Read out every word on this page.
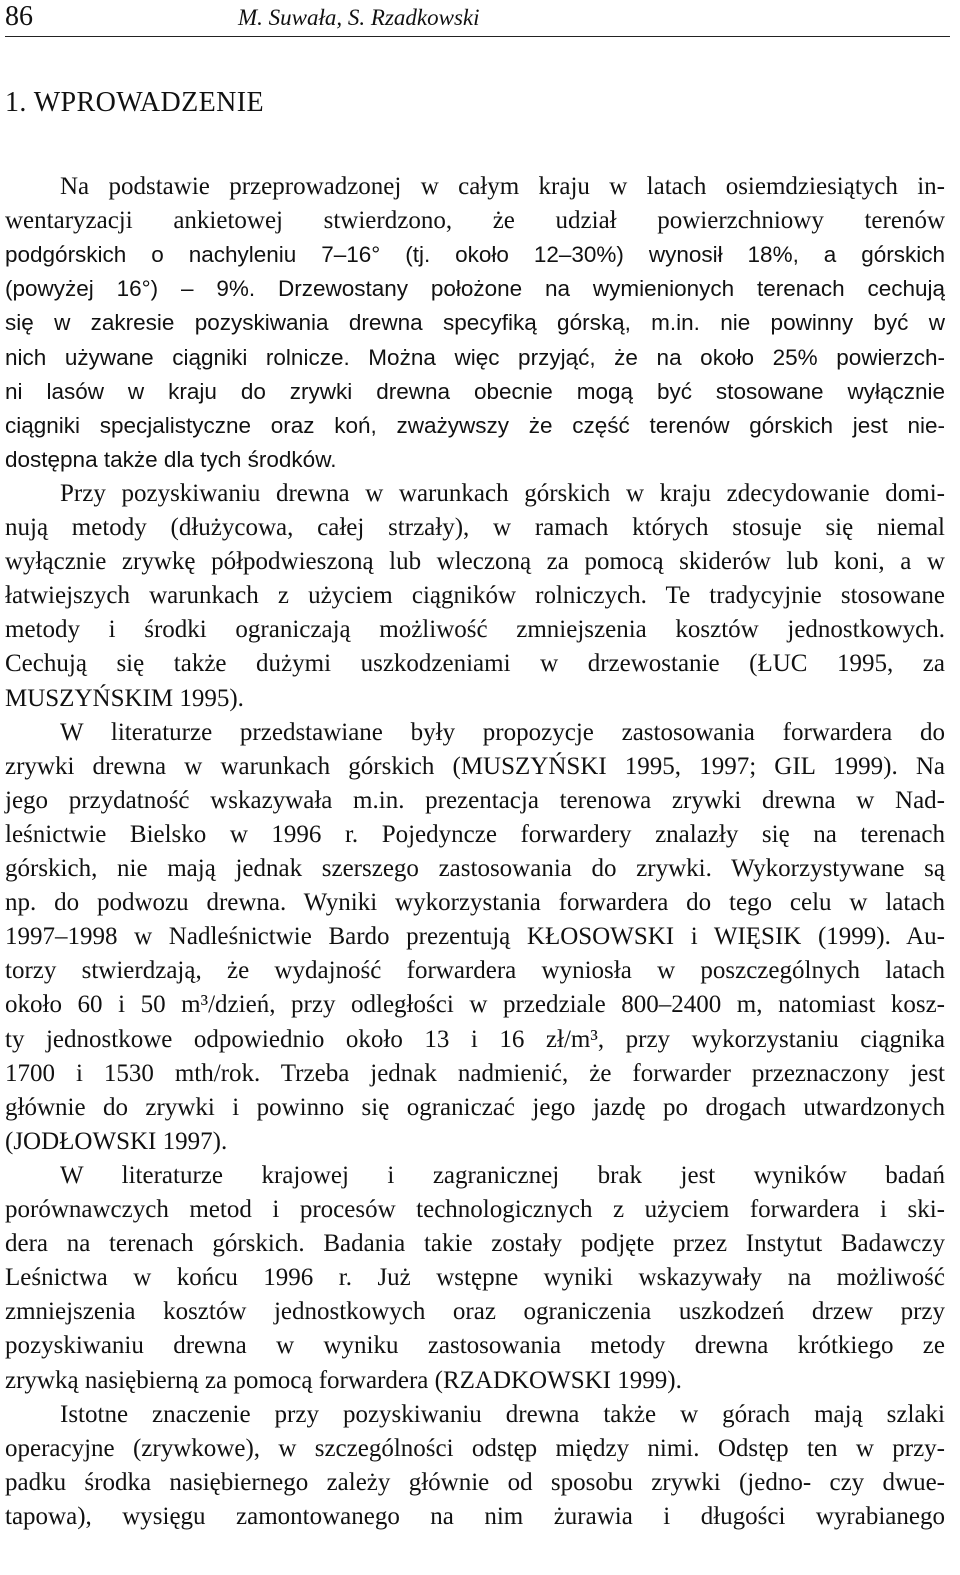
86	M. Suwała, S. Rzadkowski
1. WPROWADZENIE
Na podstawie przeprowadzonej w całym kraju w latach osiemdziesiątych in-
wentaryzacji ankietowej stwierdzono, że udział powierzchniowy terenów
podgórskich o nachyleniu 7–16° (tj. około 12–30%) wynosił 18%, a górskich
(powyżej 16°) – 9%. Drzewostany położone na wymienionych terenach cechują
się w zakresie pozyskiwania drewna specyfiką górską, m.in. nie powinny być w
nich używane ciągniki rolnicze. Można więc przyjąć, że na około 25% powierzch-
ni lasów w kraju do zrywki drewna obecnie mogą być stosowane wyłącznie
ciągniki specjalistyczne oraz koń, zważywszy że część terenów górskich jest nie-
dostępna także dla tych środków.
Przy pozyskiwaniu drewna w warunkach górskich w kraju zdecydowanie domi-
nują metody (dłużycowa, całej strzały), w ramach których stosuje się niemal
wyłącznie zrywkę półpodwieszoną lub wleczoną za pomocą skiderów lub koni, a w
łatwiejszych warunkach z użyciem ciągników rolniczych. Te tradycyjnie stosowane
metody i środki ograniczają możliwość zmniejszenia kosztów jednostkowych.
Cechują się także dużymi uszkodzeniami w drzewostanie (ŁUC 1995, za
MUSZYŃSKIM 1995).
W literaturze przedstawiane były propozycje zastosowania forwardera do
zrywki drewna w warunkach górskich (MUSZYŃSKI 1995, 1997; GIL 1999). Na
jego przydatność wskazywała m.in. prezentacja terenowa zrywki drewna w Nad-
leśnictwie Bielsko w 1996 r. Pojedyncze forwardery znalazły się na terenach
górskich, nie mają jednak szerszego zastosowania do zrywki. Wykorzystywane są
np. do podwozu drewna. Wyniki wykorzystania forwardera do tego celu w latach
1997–1998 w Nadleśnictwie Bardo prezentują KŁOSOWSKI i WIĘSIK (1999). Au-
torzy stwierdzają, że wydajność forwardera wyniosła w poszczególnych latach
około 60 i 50 m³/dzień, przy odległości w przedziale 800–2400 m, natomiast kosz-
ty jednostkowe odpowiednio około 13 i 16 zł/m³, przy wykorzystaniu ciągnika
1700 i 1530 mth/rok. Trzeba jednak nadmienić, że forwarder przeznaczony jest
głównie do zrywki i powinno się ograniczać jego jazdę po drogach utwardzonych
(JODŁOWSKI 1997).
W literaturze krajowej i zagranicznej brak jest wyników badań
porównawczych metod i procesów technologicznych z użyciem forwardera i ski-
dera na terenach górskich. Badania takie zostały podjęte przez Instytut Badawczy
Leśnictwa w końcu 1996 r. Już wstępne wyniki wskazywały na możliwość
zmniejszenia kosztów jednostkowych oraz ograniczenia uszkodzeń drzew przy
pozyskiwaniu drewna w wyniku zastosowania metody drewna krótkiego ze
zrywką nasiębierną za pomocą forwardera (RZADKOWSKI 1999).
Istotne znaczenie przy pozyskiwaniu drewna także w górach mają szlaki
operacyjne (zrywkowe), w szczególności odstęp między nimi. Odstęp ten w przy-
padku środka nasiębiernego zależy głównie od sposobu zrywki (jedno- czy dwue-
tapowa), wysięgu zamontowanego na nim żurawia i długości wyrabianego
